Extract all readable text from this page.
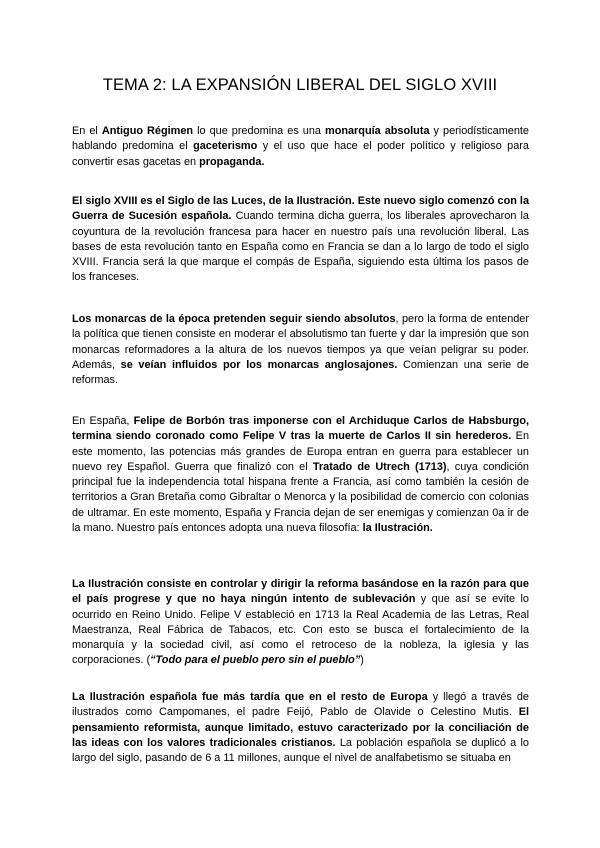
TEMA 2: LA EXPANSIÓN LIBERAL DEL SIGLO XVIII

En el Antiguo Régimen lo que predomina es una monarquía absoluta y periodísticamente hablando predomina el gaceterismo y el uso que hace el poder político y religioso para convertir esas gacetas en propaganda.

El siglo XVIII es el Siglo de las Luces, de la Ilustración. Este nuevo siglo comenzó con la Guerra de Sucesión española. Cuando termina dicha guerra, los liberales aprovecharon la coyuntura de la revolución francesa para hacer en nuestro país una revolución liberal. Las bases de esta revolución tanto en España como en Francia se dan a lo largo de todo el siglo XVIII. Francia será la que marque el compás de España, siguiendo esta última los pasos de los franceses.

Los monarcas de la época pretenden seguir siendo absolutos, pero la forma de entender la política que tienen consiste en moderar el absolutismo tan fuerte y dar la impresión que son monarcas reformadores a la altura de los nuevos tiempos ya que veían peligrar su poder. Además, se veían influidos por los monarcas anglosajones. Comienzan una serie de reformas.

En España, Felipe de Borbón tras imponerse con el Archiduque Carlos de Habsburgo, termina siendo coronado como Felipe V tras la muerte de Carlos II sin herederos. En este momento, las potencias más grandes de Europa entran en guerra para establecer un nuevo rey Español. Guerra que finalizó con el Tratado de Utrech (1713), cuya condición principal fue la independencia total hispana frente a Francia, así como también la cesión de territorios a Gran Bretaña como Gibraltar o Menorca y la posibilidad de comercio con colonias de ultramar. En este momento, España y Francia dejan de ser enemigas y comienzan 0a ir de la mano. Nuestro país entonces adopta una nueva filosofía: la Ilustración.

La Ilustración consiste en controlar y dirigir la reforma basándose en la razón para que el país progrese y que no haya ningún intento de sublevación y que así se evite lo ocurrido en Reino Unido. Felipe V estableció en 1713 la Real Academia de las Letras, Real Maestranza, Real Fábrica de Tabacos, etc. Con esto se busca el fortalecimiento de la monarquía y la sociedad civil, así como el retroceso de la nobleza, la iglesia y las corporaciones. (“Todo para el pueblo pero sin el pueblo”)

La Ilustración española fue más tardía que en el resto de Europa y llegó a través de ilustrados como Campomanes, el padre Feijó, Pablo de Olavide o Celestino Mutis. El pensamiento reformista, aunque limitado, estuvo caracterizado por la conciliación de las ideas con los valores tradicionales cristianos. La población española se duplicó a lo largo del siglo, pasando de 6 a 11 millones, aunque el nivel de analfabetismo se situaba en
